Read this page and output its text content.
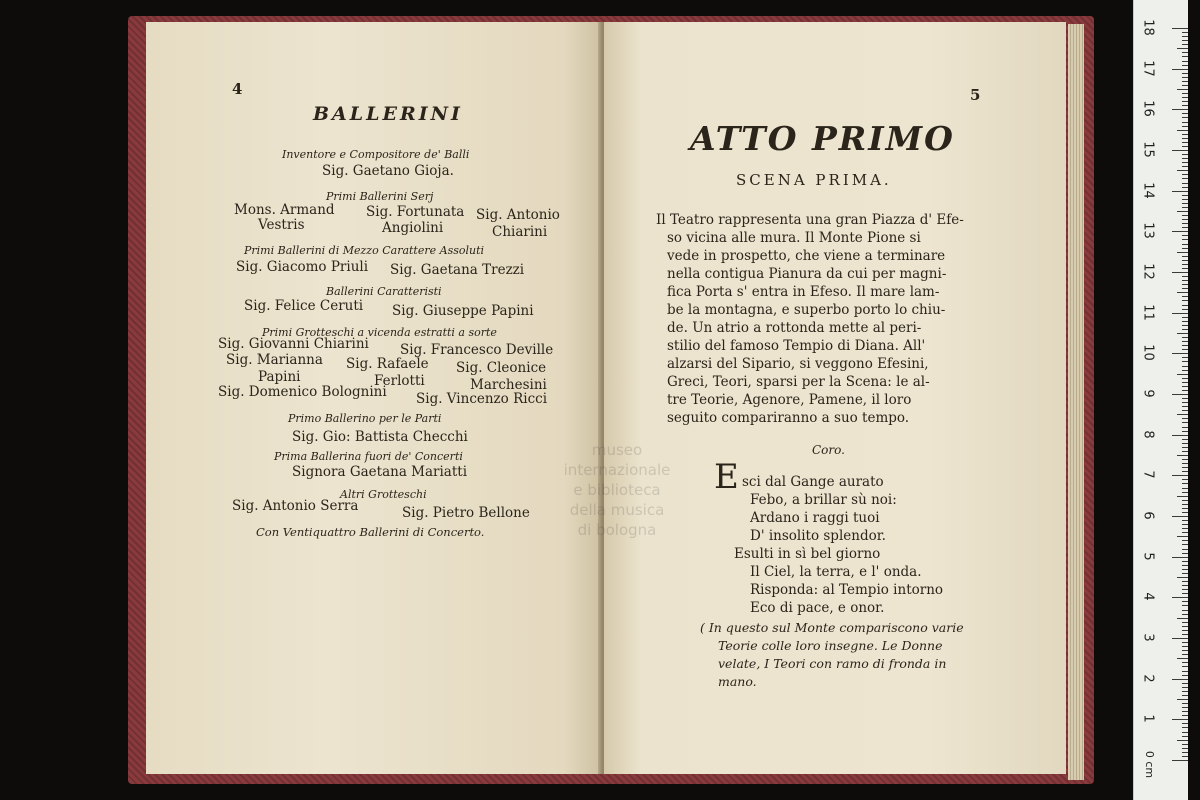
4
BALLERINI
Inventore e Compositore de' Balli
Sig. Gaetano Gioja.
Primi Ballerini Serj
Mons. Armand Sig. Fortunata Sig. Antonio
Vestris	Angiolini	Chiarini
Primi Ballerini di Mezzo Carattere Assoluti
Sig. Giacomo Priuli Sig. Gaetana Trezzi
Ballerini Caratteristi
Sig. Felice Ceruti Sig. Giuseppe Papini
Primi Grotteschi a vicenda estratti a sorte
Sig. Giovanni Chiarini Sig. Francesco Deville
Sig. Marianna Sig. Rafaele Sig. Cleonice
Papini	Ferlotti	Marchesini
Sig. Domenico Bolognini Sig. Vincenzo Ricci
Primo Ballerino per le Parti
Sig. Gio: Battista Checchi
Prima Ballerina fuori de' Concerti
Signora Gaetana Mariatti
Altri Grotteschi
Sig. Antonio Serra	Sig. Pietro Bellone
Con Ventiquattro Ballerini di Concerto.
5
ATTO PRIMO
SCENA PRIMA.
Il Teatro rappresenta una gran Piazza d' Efe-
so vicina alle mura. Il Monte Pione si
vede in prospetto, che viene a terminare
nella contigua Pianura da cui per magni-
fica Porta s' entra in Efeso. Il mare lam-
be la montagna, e superbo porto lo chiu-
de. Un atrio a rottonda mette al peri-
stilio del famoso Tempio di Diana. All'
alzarsi del Sipario, si veggono Efesini,
Greci, Teori, sparsi per la Scena: le al-
tre Teorie, Agenore, Pamene, il loro
seguito compariranno a suo tempo.
Coro.
E sci dal Gange aurato
Febo, a brillar sù noi:
Ardano i raggi tuoi
D' insolito splendor.
Esulti in sì bel giorno
Il Ciel, la terra, e l' onda.
Risponda: al Tempio intorno
Eco di pace, e onor.
( In questo sul Monte compariscono varie
Teorie colle loro insegne. Le Donne
velate, I Teori con ramo di fronda in
mano.
museo internazionale
e biblioteca della musica
di bologna
0 cm
1
2
3
4
5
6
7
8
9
10
11
12
13
14
15
16
17
18
